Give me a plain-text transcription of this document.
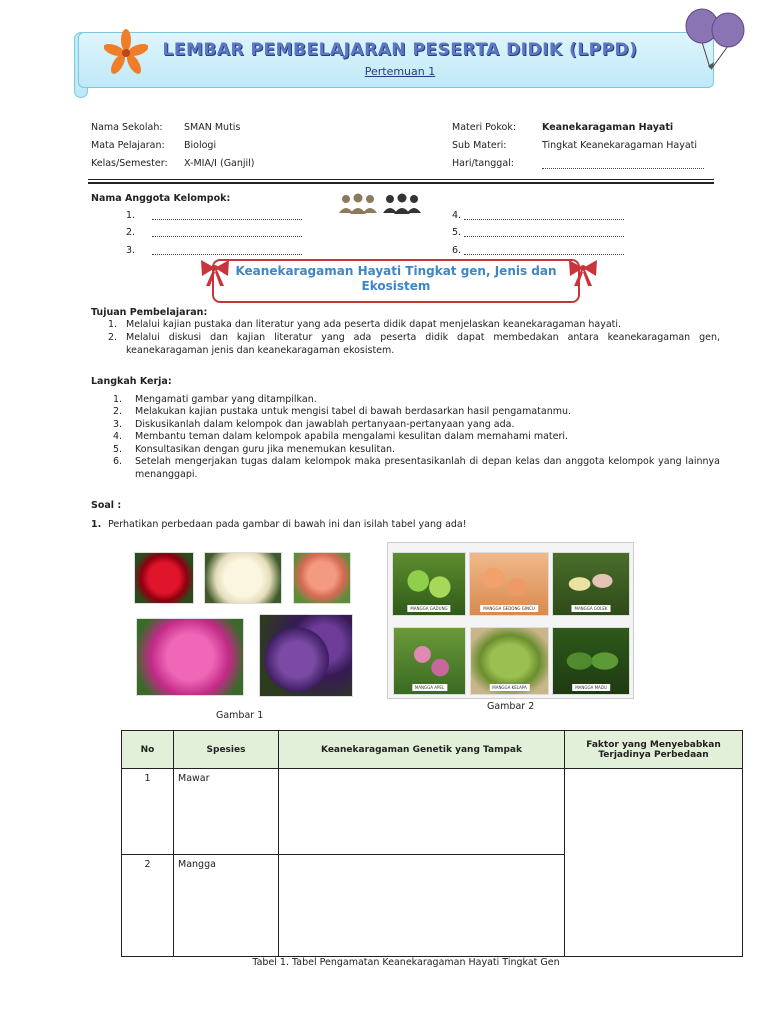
LEMBAR PEMBELAJARAN PESERTA DIDIK (LPPD)
Pertemuan 1
Nama Sekolah: SMAN Mutis
Mata Pelajaran: Biologi
Kelas/Semester: X-MIA/I (Ganjil)
Materi Pokok:	Keanekaragaman Hayati
Sub Materi:	Tingkat Keanekaragaman Hayati
Hari/tanggal:
Nama Anggota Kelompok:
1.
2.
3.
4.
5.
6.
Keanekaragaman Hayati Tingkat gen, Jenis dan Ekosistem
Tujuan Pembelajaran:
1. Melalui kajian pustaka dan literatur yang ada peserta didik dapat menjelaskan keanekaragaman hayati.
2. Melalui diskusi dan kajian literatur yang ada peserta didik dapat membedakan antara keanekaragaman gen, keanekaragaman jenis dan keanekaragaman ekosistem.
Langkah Kerja:
1. Mengamati gambar yang ditampilkan.
2. Melakukan kajian pustaka untuk mengisi tabel di bawah berdasarkan hasil pengamatanmu.
3. Diskusikanlah dalam kelompok dan jawablah pertanyaan-pertanyaan yang ada.
4. Membantu teman dalam kelompok apabila mengalami kesulitan dalam memahami materi.
5. Konsultasikan dengan guru jika menemukan kesulitan.
6. Setelah mengerjakan tugas dalam kelompok maka presentasikanlah di depan kelas dan anggota kelompok yang lainnya menanggapi.
Soal :
1. Perhatikan perbedaan pada gambar di bawah ini dan isilah tabel yang ada!
Gambar 1
MANGGA GADUNG	MANGGA GEDONG GINCU	MANGGA GOLEK
MANGGA APEL	MANGGA KELAPA	MANGGA MADU
Gambar 2
No	Spesies	Keanekaragaman Genetik yang Tampak	Faktor yang Menyebabkan Terjadinya Perbedaan
1	Mawar		
2	Mangga		
Tabel 1. Tabel Pengamatan Keanekaragaman Hayati Tingkat Gen
